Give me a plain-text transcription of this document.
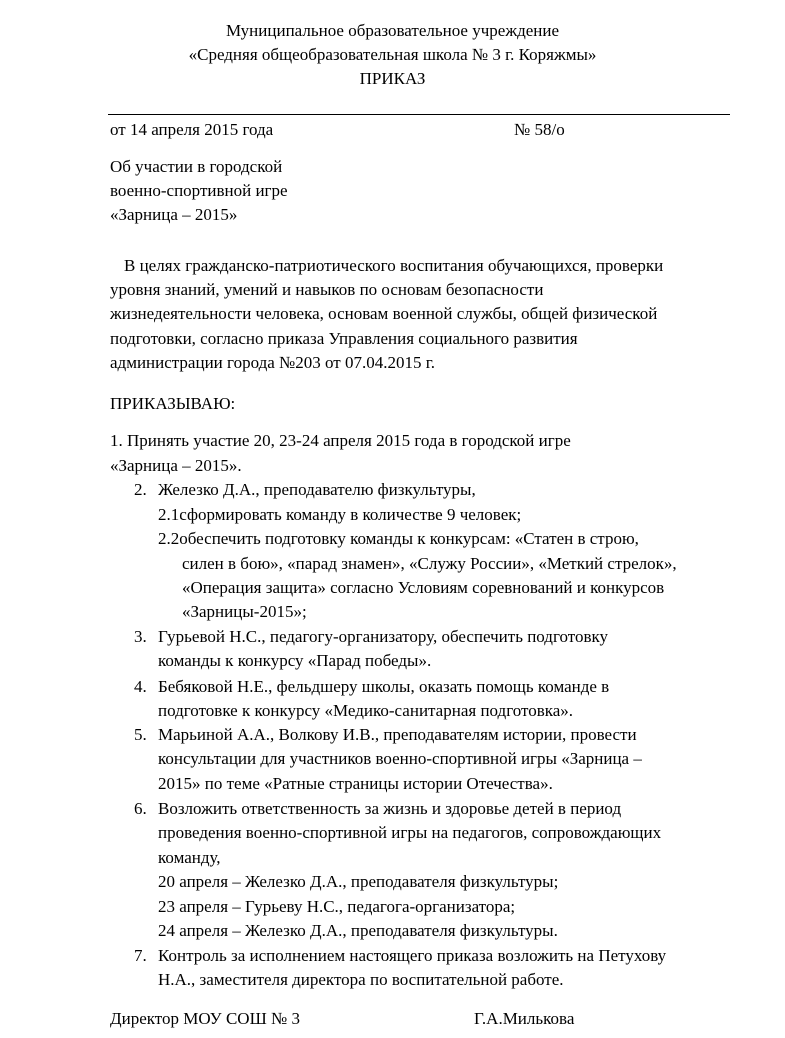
Муниципальное образовательное учреждение
«Средняя общеобразовательная школа № 3 г. Коряжмы»
ПРИКАЗ
от 14 апреля 2015 года	№ 58/о
Об участии в городской
военно-спортивной игре
«Зарница – 2015»
В целях гражданско-патриотического воспитания обучающихся, проверки
уровня знаний, умений и навыков по основам безопасности
жизнедеятельности человека, основам военной службы, общей физической
подготовки, согласно приказа Управления социального развития
администрации города №203 от 07.04.2015 г.
ПРИКАЗЫВАЮ:
1. Принять участие 20, 23-24 апреля 2015 года в городской игре
«Зарница – 2015».
2. Железко Д.А., преподавателю физкультуры,
2.1сформировать команду в количестве 9 человек;
2.2обеспечить подготовку команды к конкурсам: «Статен в строю,
силен в бою», «парад знамен», «Служу России», «Меткий стрелок»,
«Операция защита» согласно Условиям соревнований и конкурсов
«Зарницы-2015»;
3. Гурьевой Н.С., педагогу-организатору, обеспечить подготовку
команды к конкурсу «Парад победы».
4. Бебяковой Н.Е., фельдшеру школы, оказать помощь команде в
подготовке к конкурсу «Медико-санитарная подготовка».
5. Марьиной А.А., Волкову И.В., преподавателям истории, провести
консультации для участников военно-спортивной игры «Зарница –
2015» по теме «Ратные страницы истории Отечества».
6. Возложить ответственность за жизнь и здоровье детей в период
проведения военно-спортивной игры на педагогов, сопровождающих
команду,
20 апреля – Железко Д.А., преподавателя физкультуры;
23 апреля – Гурьеву Н.С., педагога-организатора;
24 апреля – Железко Д.А., преподавателя физкультуры.
7. Контроль за исполнением настоящего приказа возложить на Петухову
Н.А., заместителя директора по воспитательной работе.
Директор МОУ СОШ № 3	Г.А.Милькова
